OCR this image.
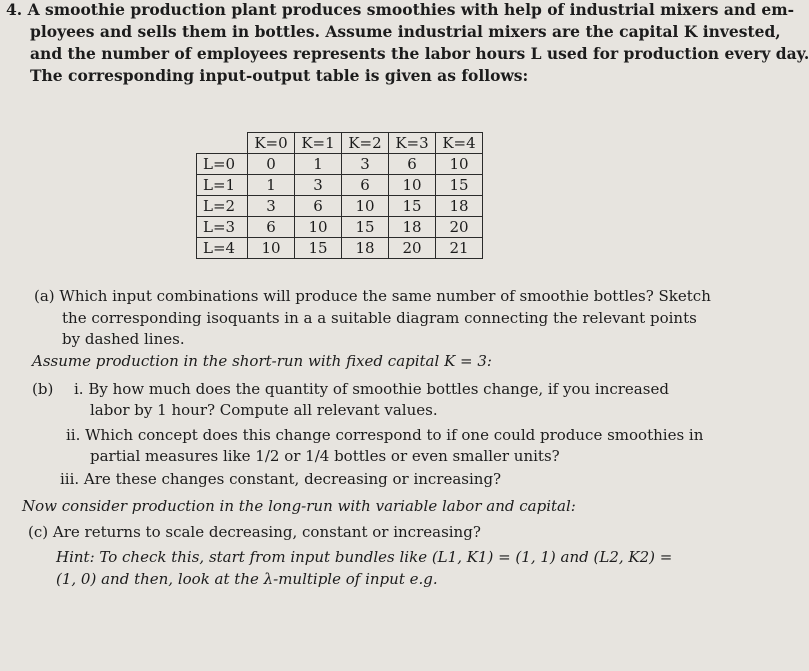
4. A smoothie production plant produces smoothies with help of industrial mixers and em-
ployees and sells them in bottles. Assume industrial mixers are the capital K invested,
and the number of employees represents the labor hours L used for production every day.
The corresponding input-output table is given as follows:
	K=0	K=1	K=2	K=3	K=4
L=0	0	1	3	6	10
L=1	1	3	6	10	15
L=2	3	6	10	15	18
L=3	6	10	15	18	20
L=4	10	15	18	20	21
(a) Which input combinations will produce the same number of smoothie bottles? Sketch
the corresponding isoquants in a a suitable diagram connecting the relevant points
by dashed lines.
Assume production in the short-run with fixed capital K = 3:
(b) i. By how much does the quantity of smoothie bottles change, if you increased
labor by 1 hour? Compute all relevant values.
ii. Which concept does this change correspond to if one could produce smoothies in
partial measures like 1/2 or 1/4 bottles or even smaller units?
iii. Are these changes constant, decreasing or increasing?
Now consider production in the long-run with variable labor and capital:
(c) Are returns to scale decreasing, constant or increasing?
Hint: To check this, start from input bundles like (L1, K1) = (1, 1) and (L2, K2) =
(1, 0) and then, look at the λ-multiple of input e.g.
